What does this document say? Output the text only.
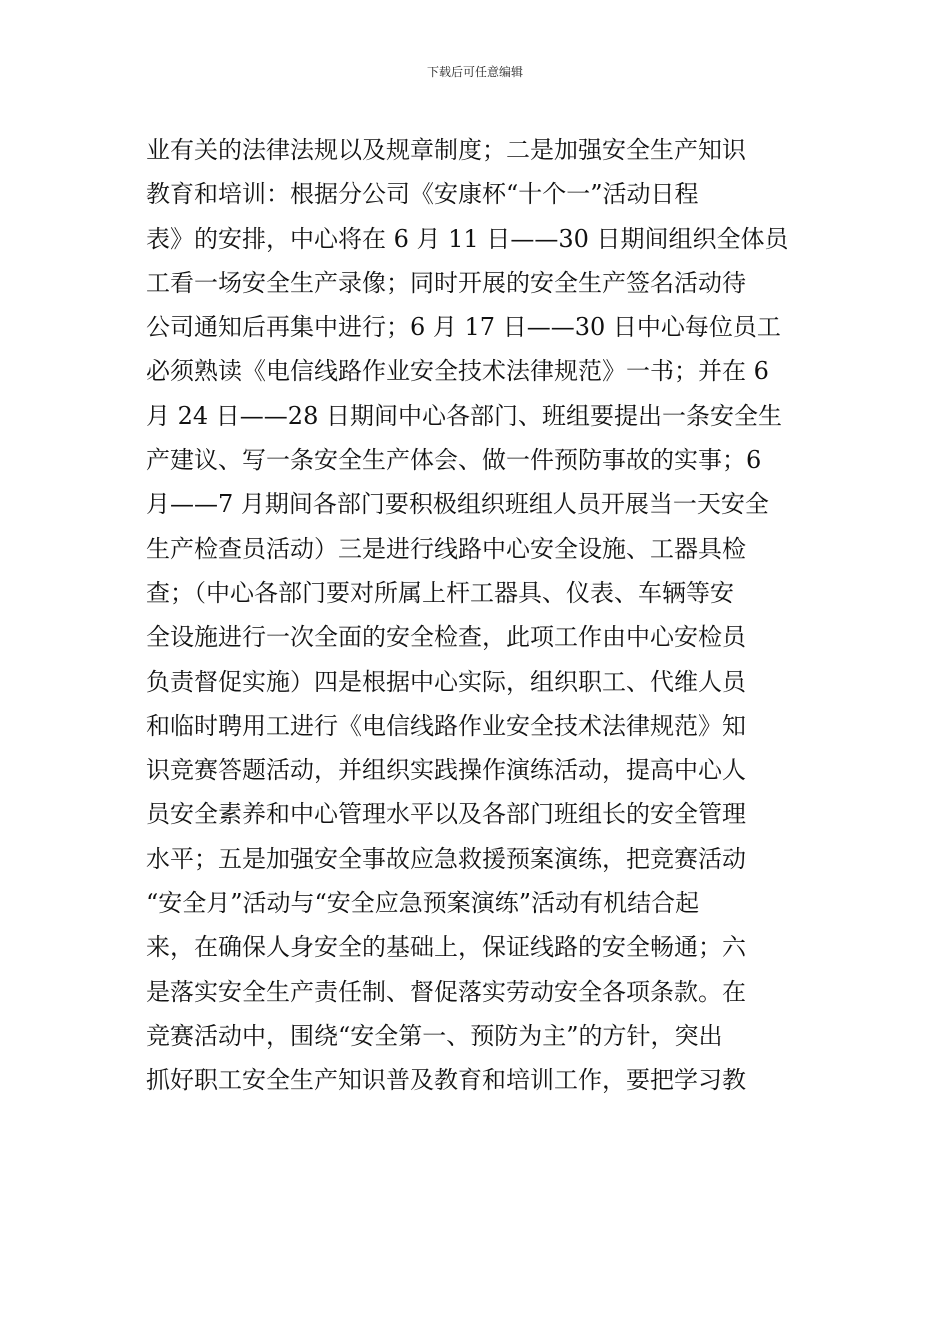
下载后可任意编辑
业有关的法律法规以及规章制度；二是加强安全生产知识
教育和培训：根据分公司《安康杯“十个一”活动日程
表》的安排，中心将在 6 月 11 日——30 日期间组织全体员
工看一场安全生产录像；同时开展的安全生产签名活动待
公司通知后再集中进行；6 月 17 日——30 日中心每位员工
必须熟读《电信线路作业安全技术法律规范》一书；并在 6
月 24 日——28 日期间中心各部门、班组要提出一条安全生
产建议、写一条安全生产体会、做一件预防事故的实事；6
月——7 月期间各部门要积极组织班组人员开展当一天安全
生产检查员活动）三是进行线路中心安全设施、工器具检
查；（中心各部门要对所属上杆工器具、仪表、车辆等安
全设施进行一次全面的安全检查，此项工作由中心安检员
负责督促实施）四是根据中心实际，组织职工、代维人员
和临时聘用工进行《电信线路作业安全技术法律规范》知
识竞赛答题活动，并组织实践操作演练活动，提高中心人
员安全素养和中心管理水平以及各部门班组长的安全管理
水平；五是加强安全事故应急救援预案演练，把竞赛活动
“安全月”活动与“安全应急预案演练”活动有机结合起
来，在确保人身安全的基础上，保证线路的安全畅通；六
是落实安全生产责任制、督促落实劳动安全各项条款。在
竞赛活动中，围绕“安全第一、预防为主”的方针，突出
抓好职工安全生产知识普及教育和培训工作，要把学习教
